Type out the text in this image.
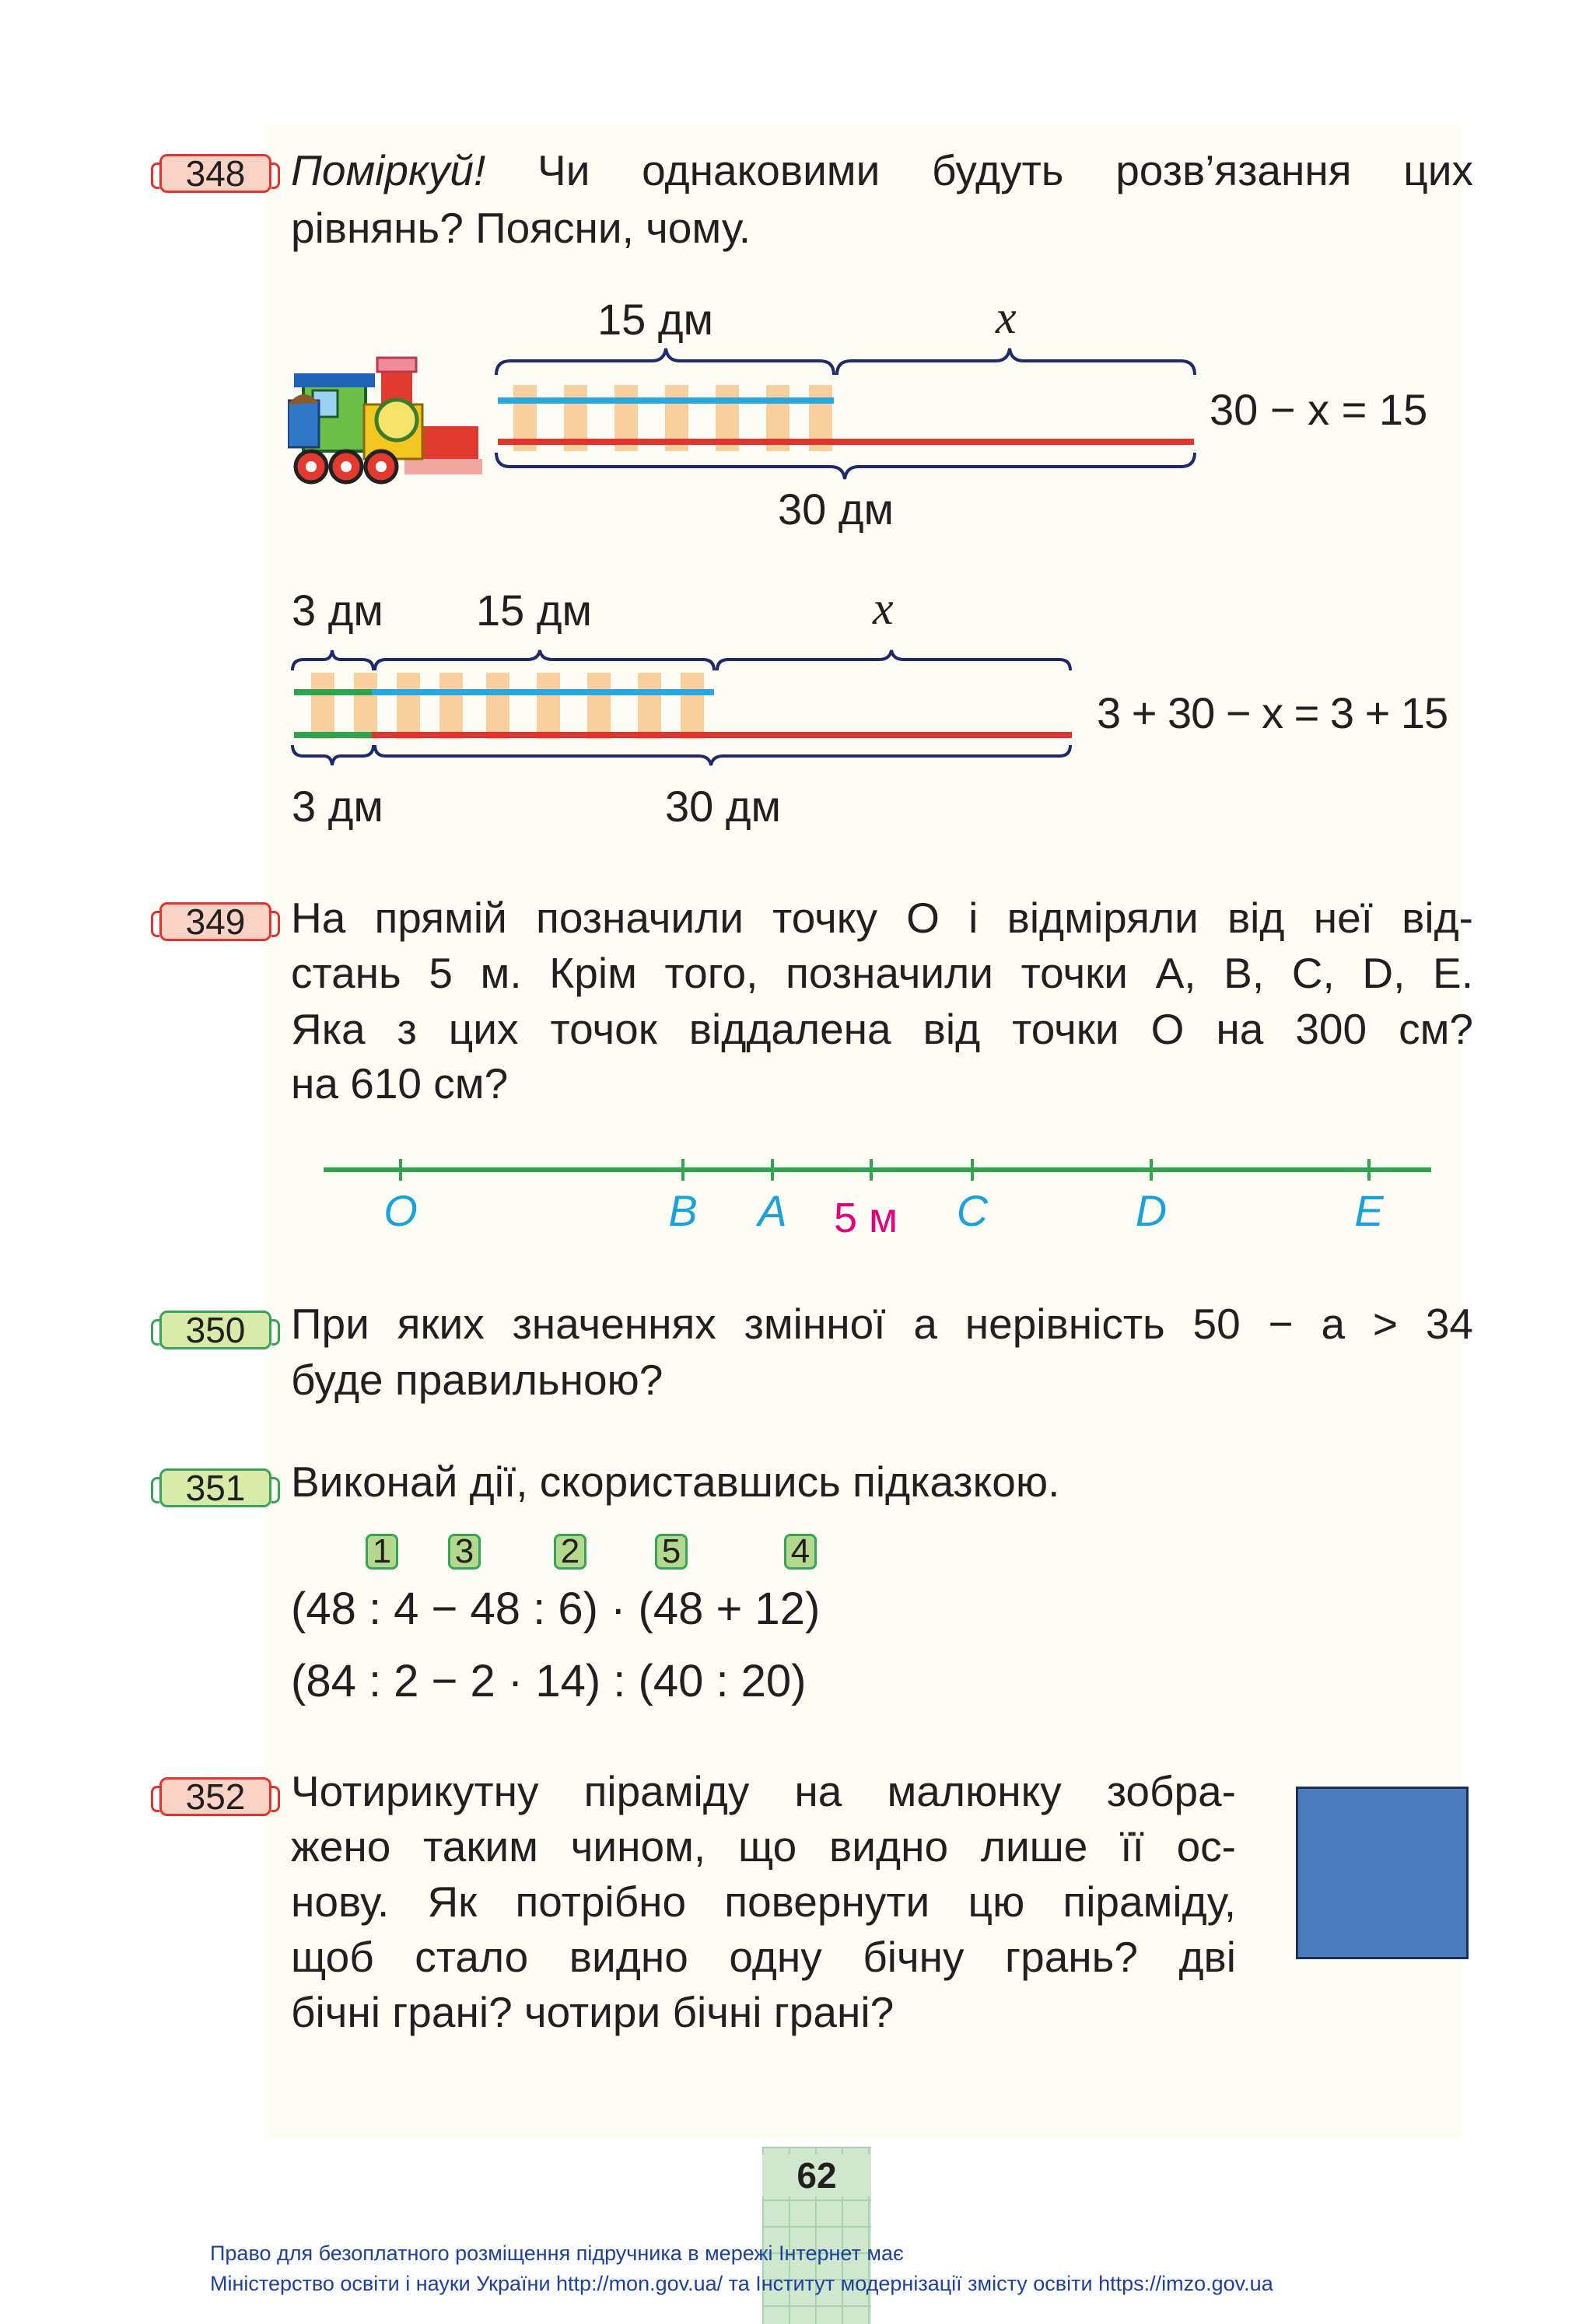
348	Поміркуй! Чи однаковими будуть розв’язання цих
рівнянь? Поясни, чому.
15 дм	x
30 дм
30 − x = 15
3 дм 15 дм	x
3 дм	30 дм
3 + 30 − x = 3 + 15
349	На прямій позначили точку O і відміряли від неї від-
стань 5 м. Крім того, позначили точки A, B, C, D, E.
Яка з цих точок віддалена від точки O на 300 см?
на 610 см?
O	B A	C	D	E
5 м
350	При яких значеннях змінної a нерівність 50 − a > 34
буде правильною?
351	Виконай дії, скориставшись підказкою.
1 3	2 5	4
(48 : 4 − 48 : 6) · (48 + 12)
(84 : 2 − 2 · 14) : (40 : 20)
352	Чотирикутну піраміду на малюнку зобра-
жено таким чином, що видно лише її ос-
нову. Як потрібно повернути цю піраміду,
щоб стало видно одну бічну грань? дві
бічні грані? чотири бічні грані?
62
Право для безоплатного розміщення підручника в мережі Інтернет має
Міністерство освіти і науки України http://mon.gov.ua/ та Інститут модернізації змісту освіти https://imzo.gov.ua
